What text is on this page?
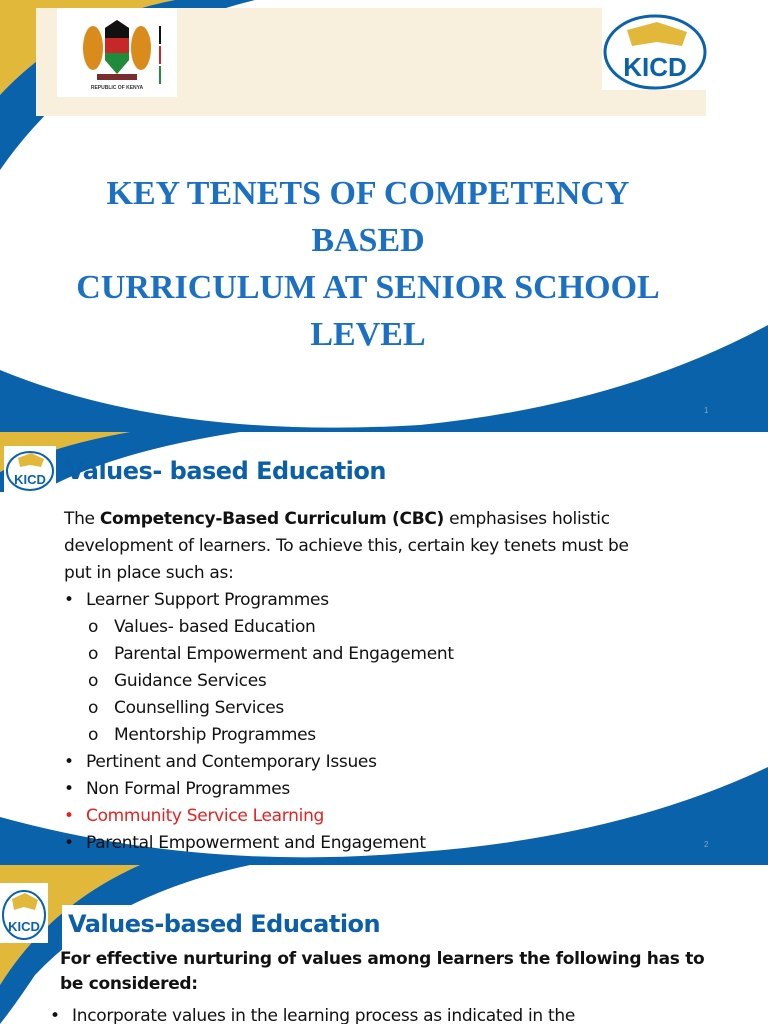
REPUBLIC OF KENYA
KICD
KEY TENETS OF COMPETENCY
BASED
CURRICULUM AT SENIOR SCHOOL
LEVEL
1
KICD Values- based Education
The Competency-Based Curriculum (CBC) emphasises holistic
development of learners. To achieve this, certain key tenets must be
put in place such as:
• Learner Support Programmes
o Values- based Education
o Parental Empowerment and Engagement
o Guidance Services
o Counselling Services
o Mentorship Programmes
• Pertinent and Contemporary Issues
• Non Formal Programmes
• Community Service Learning
• Parental Empowerment and Engagement	2
KICD Values-based Education
For effective nurturing of values among learners the following has to
be considered:
• Incorporate values in the learning process as indicated in the
